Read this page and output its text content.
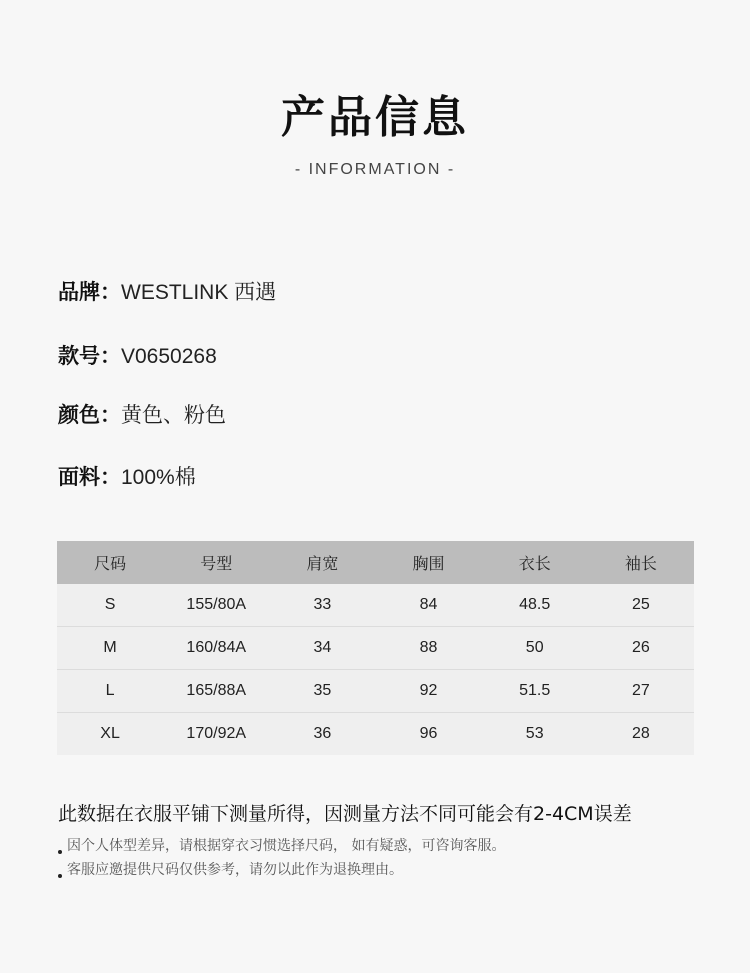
产品信息
- INFORMATION -
品牌：WESTLINK 西遇
款号：V0650268
颜色：黄色、粉色
面料：100%棉
尺码	号型	肩宽	胸围	衣长	袖长
S	155/80A	33	84	48.5	25
M	160/84A	34	88	50	26
L	165/88A	35	92	51.5	27
XL	170/92A	36	96	53	28
此数据在衣服平铺下测量所得，因测量方法不同可能会有2-4CM误差
因个人体型差异，请根据穿衣习惯选择尺码， 如有疑惑，可咨询客服。
客服应邀提供尺码仅供参考，请勿以此作为退换理由。
